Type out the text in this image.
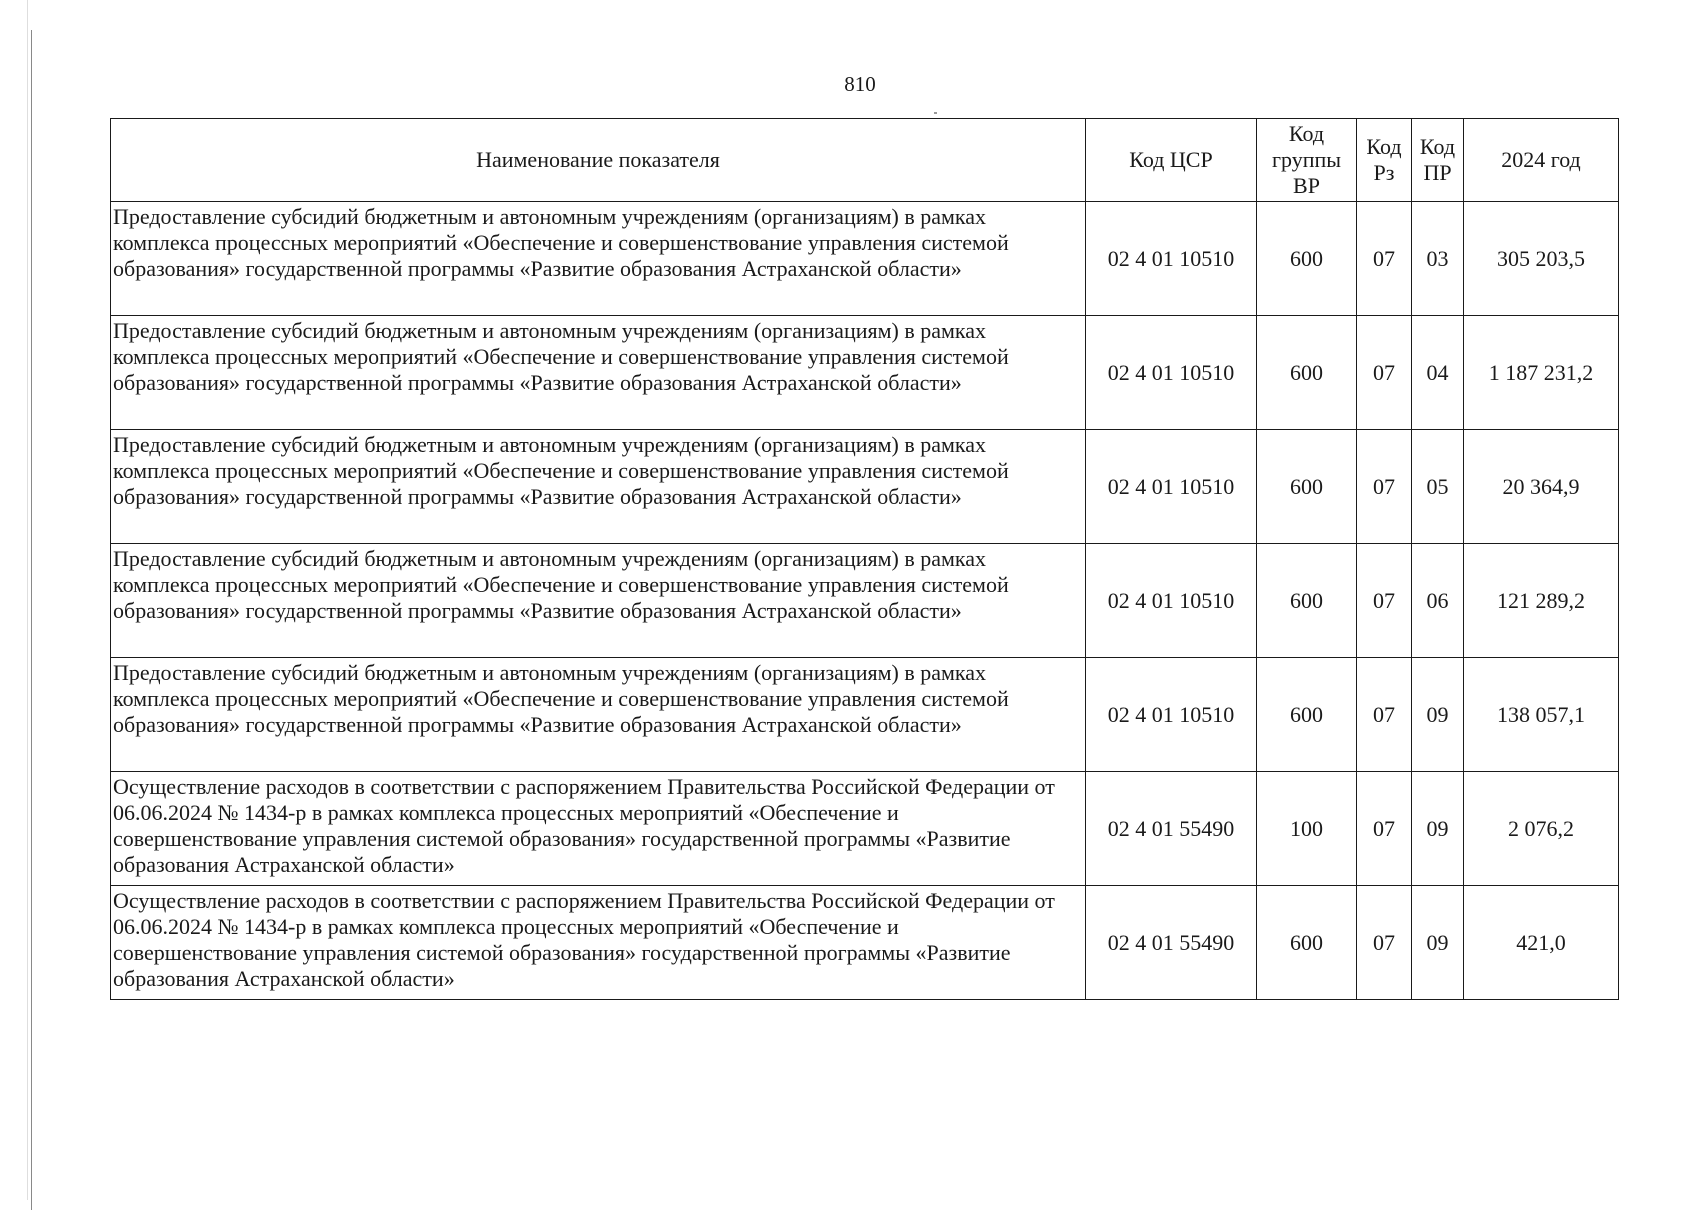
810
Наименование показателя	Код ЦСР	Код группы ВР	Код Рз	Код ПР	2024 год
Предоставление субсидий бюджетным и автономным учреждениям (организациям) в рамках комплекса процессных мероприятий «Обеспечение и совершенствование управления системой образования» государственной программы «Развитие образования Астраханской области»	02 4 01 10510	600	07	03	305 203,5
Предоставление субсидий бюджетным и автономным учреждениям (организациям) в рамках комплекса процессных мероприятий «Обеспечение и совершенствование управления системой образования» государственной программы «Развитие образования Астраханской области»	02 4 01 10510	600	07	04	1 187 231,2
Предоставление субсидий бюджетным и автономным учреждениям (организациям) в рамках комплекса процессных мероприятий «Обеспечение и совершенствование управления системой образования» государственной программы «Развитие образования Астраханской области»	02 4 01 10510	600	07	05	20 364,9
Предоставление субсидий бюджетным и автономным учреждениям (организациям) в рамках комплекса процессных мероприятий «Обеспечение и совершенствование управления системой образования» государственной программы «Развитие образования Астраханской области»	02 4 01 10510	600	07	06	121 289,2
Предоставление субсидий бюджетным и автономным учреждениям (организациям) в рамках комплекса процессных мероприятий «Обеспечение и совершенствование управления системой образования» государственной программы «Развитие образования Астраханской области»	02 4 01 10510	600	07	09	138 057,1
Осуществление расходов в соответствии с распоряжением Правительства Российской Федерации от 06.06.2024 № 1434-р в рамках комплекса процессных мероприятий «Обеспечение и совершенствование управления системой образования» государственной программы «Развитие образования Астраханской области»	02 4 01 55490	100	07	09	2 076,2
Осуществление расходов в соответствии с распоряжением Правительства Российской Федерации от 06.06.2024 № 1434-р в рамках комплекса процессных мероприятий «Обеспечение и совершенствование управления системой образования» государственной программы «Развитие образования Астраханской области»	02 4 01 55490	600	07	09	421,0
